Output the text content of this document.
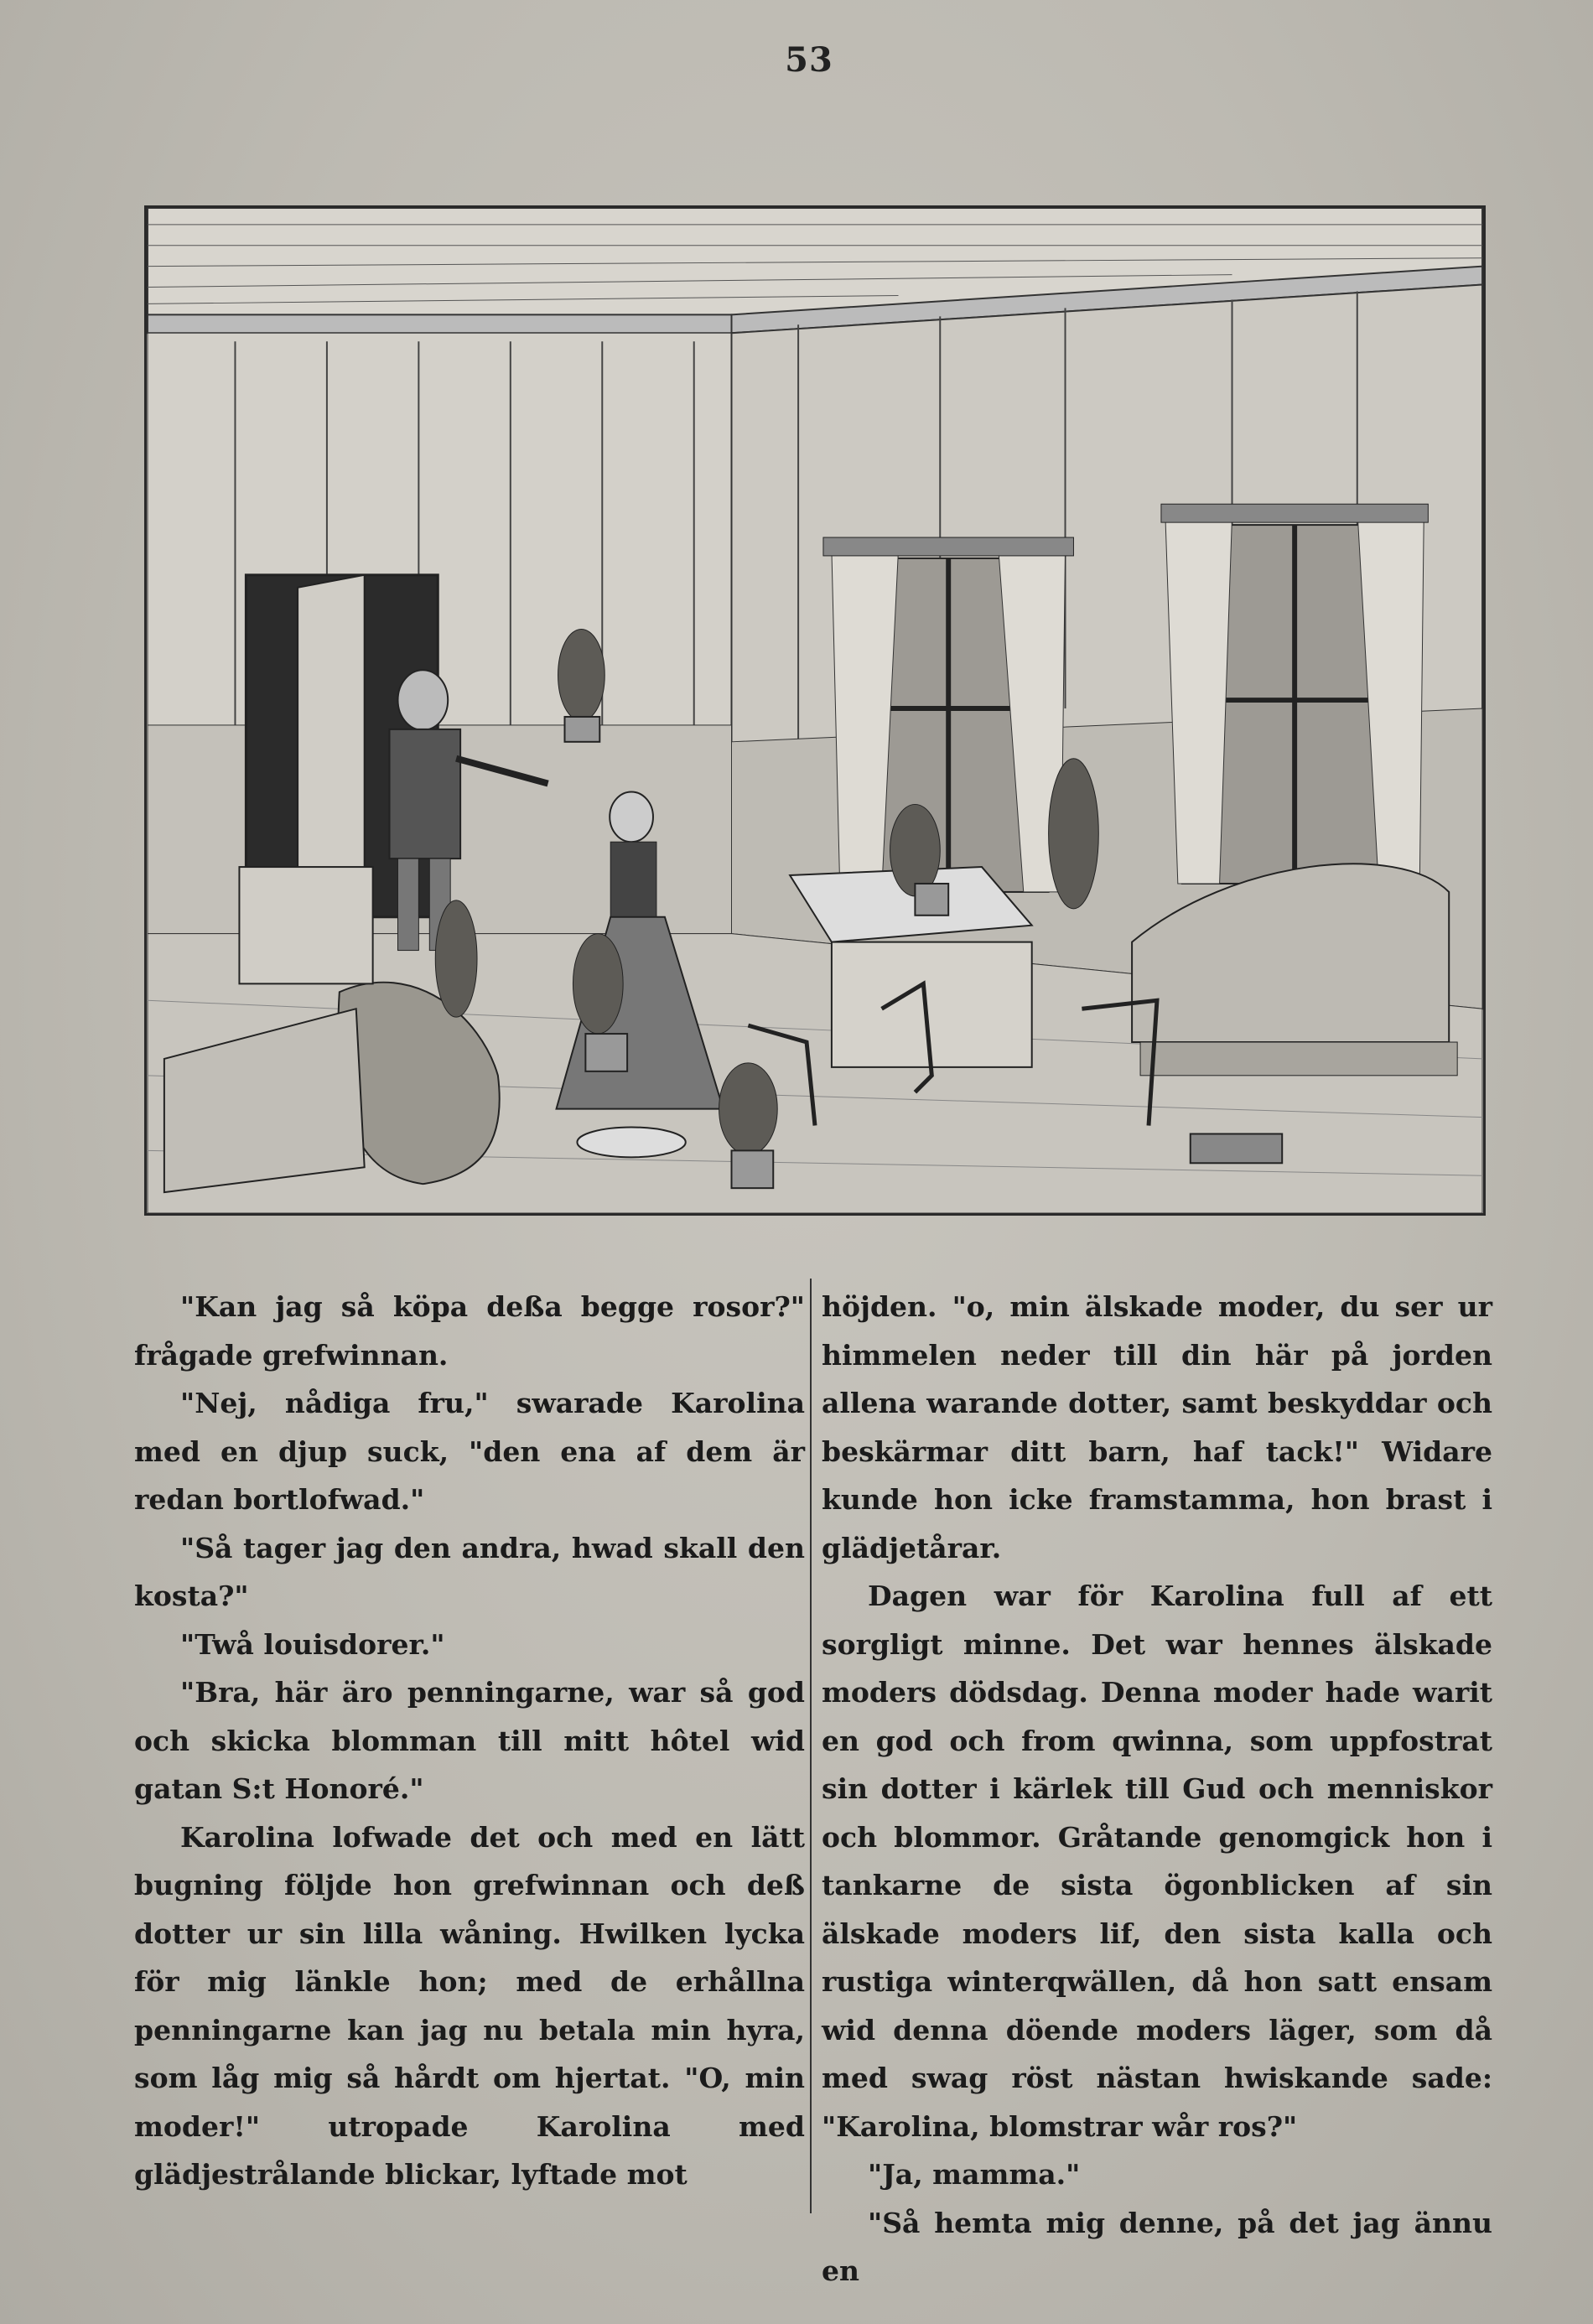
53

"Kan jag så köpa deßa begge rosor?" frågade grefwinnan.

"Nej, nådiga fru," swarade Karolina med en djup suck, "den ena af dem är redan bortlofwad."

"Så tager jag den andra, hwad skall den kosta?"

"Twå louisdorer."

"Bra, här äro penningarne, war så god och skicka blomman till mitt hôtel wid gatan S:t Honoré."

Karolina lofwade det och med en lätt bugning följde hon grefwinnan och deß dotter ur sin lilla wåning. Hwilken lycka för mig länkle hon; med de erhållna penningarne kan jag nu betala min hyra, som låg mig så hårdt om hjertat. "O, min moder!" utropade Karolina med glädjestrålande blickar, lyftade mot

höjden. "o, min älskade moder, du ser ur himmelen neder till din här på jorden allena warande dotter, samt beskyddar och beskärmar ditt barn, haf tack!" Widare kunde hon icke framstamma, hon brast i glädjetårar.

Dagen war för Karolina full af ett sorgligt minne. Det war hennes älskade moders dödsdag. Denna moder hade warit en god och from qwinna, som uppfostrat sin dotter i kärlek till Gud och menniskor och blommor. Gråtande genomgick hon i tankarne de sista ögonblicken af sin älskade moders lif, den sista kalla och rustiga winterqwällen, då hon satt ensam wid denna döende moders läger, som då med swag röst nästan hwiskande sade: "Karolina, blomstrar wår ros?"

"Ja, mamma."

"Så hemta mig denne, på det jag ännu en
